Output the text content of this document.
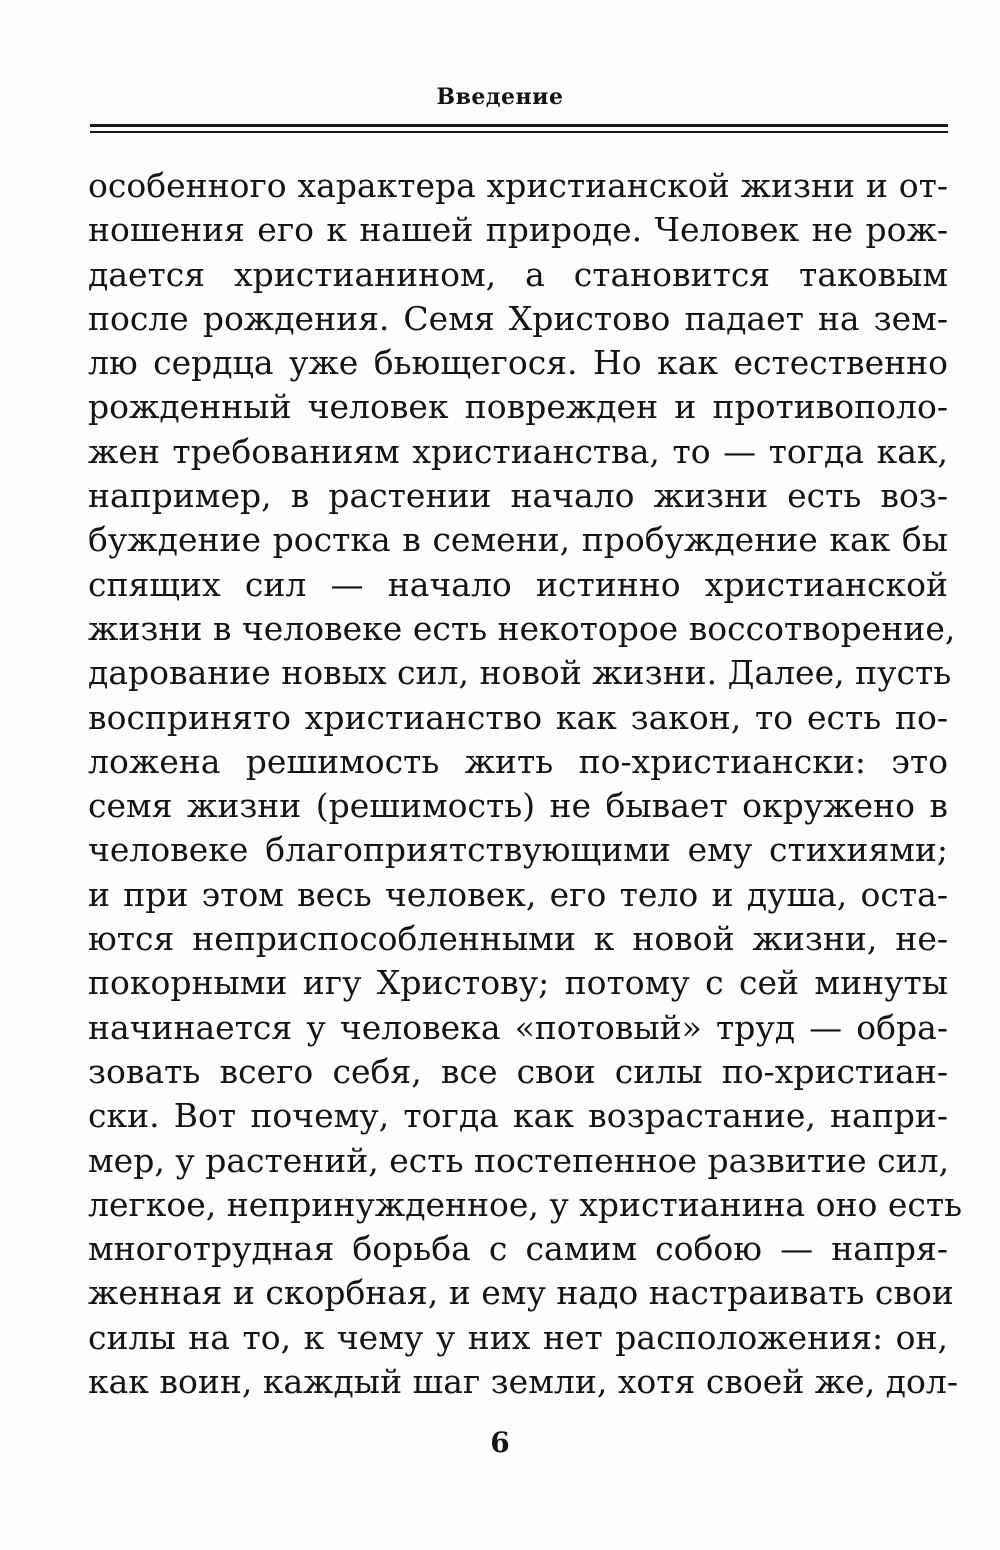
Введение
особенного характера христианской жизни и от-
ношения его к нашей природе. Человек не рож-
дается христианином, а становится таковым
после рождения. Семя Христово падает на зем-
лю сердца уже бьющегося. Но как естественно
рожденный человек поврежден и противополо-
жен требованиям христианства, то — тогда как,
например, в растении начало жизни есть воз-
буждение ростка в семени, пробуждение как бы
спящих сил — начало истинно христианской
жизни в человеке есть некоторое воссотворение,
дарование новых сил, новой жизни. Далее, пусть
воспринято христианство как закон, то есть по-
ложена решимость жить по-христиански: это
семя жизни (решимость) не бывает окружено в
человеке благоприятствующими ему стихиями;
и при этом весь человек, его тело и душа, оста-
ются неприспособленными к новой жизни, не-
покорными игу Христову; потому с сей минуты
начинается у человека «потовый» труд — обра-
зовать всего себя, все свои силы по-христиан-
ски. Вот почему, тогда как возрастание, напри-
мер, у растений, есть постепенное развитие сил,
легкое, непринужденное, у христианина оно есть
многотрудная борьба с самим собою — напря-
женная и скорбная, и ему надо настраивать свои
силы на то, к чему у них нет расположения: он,
как воин, каждый шаг земли, хотя своей же, дол-
6
